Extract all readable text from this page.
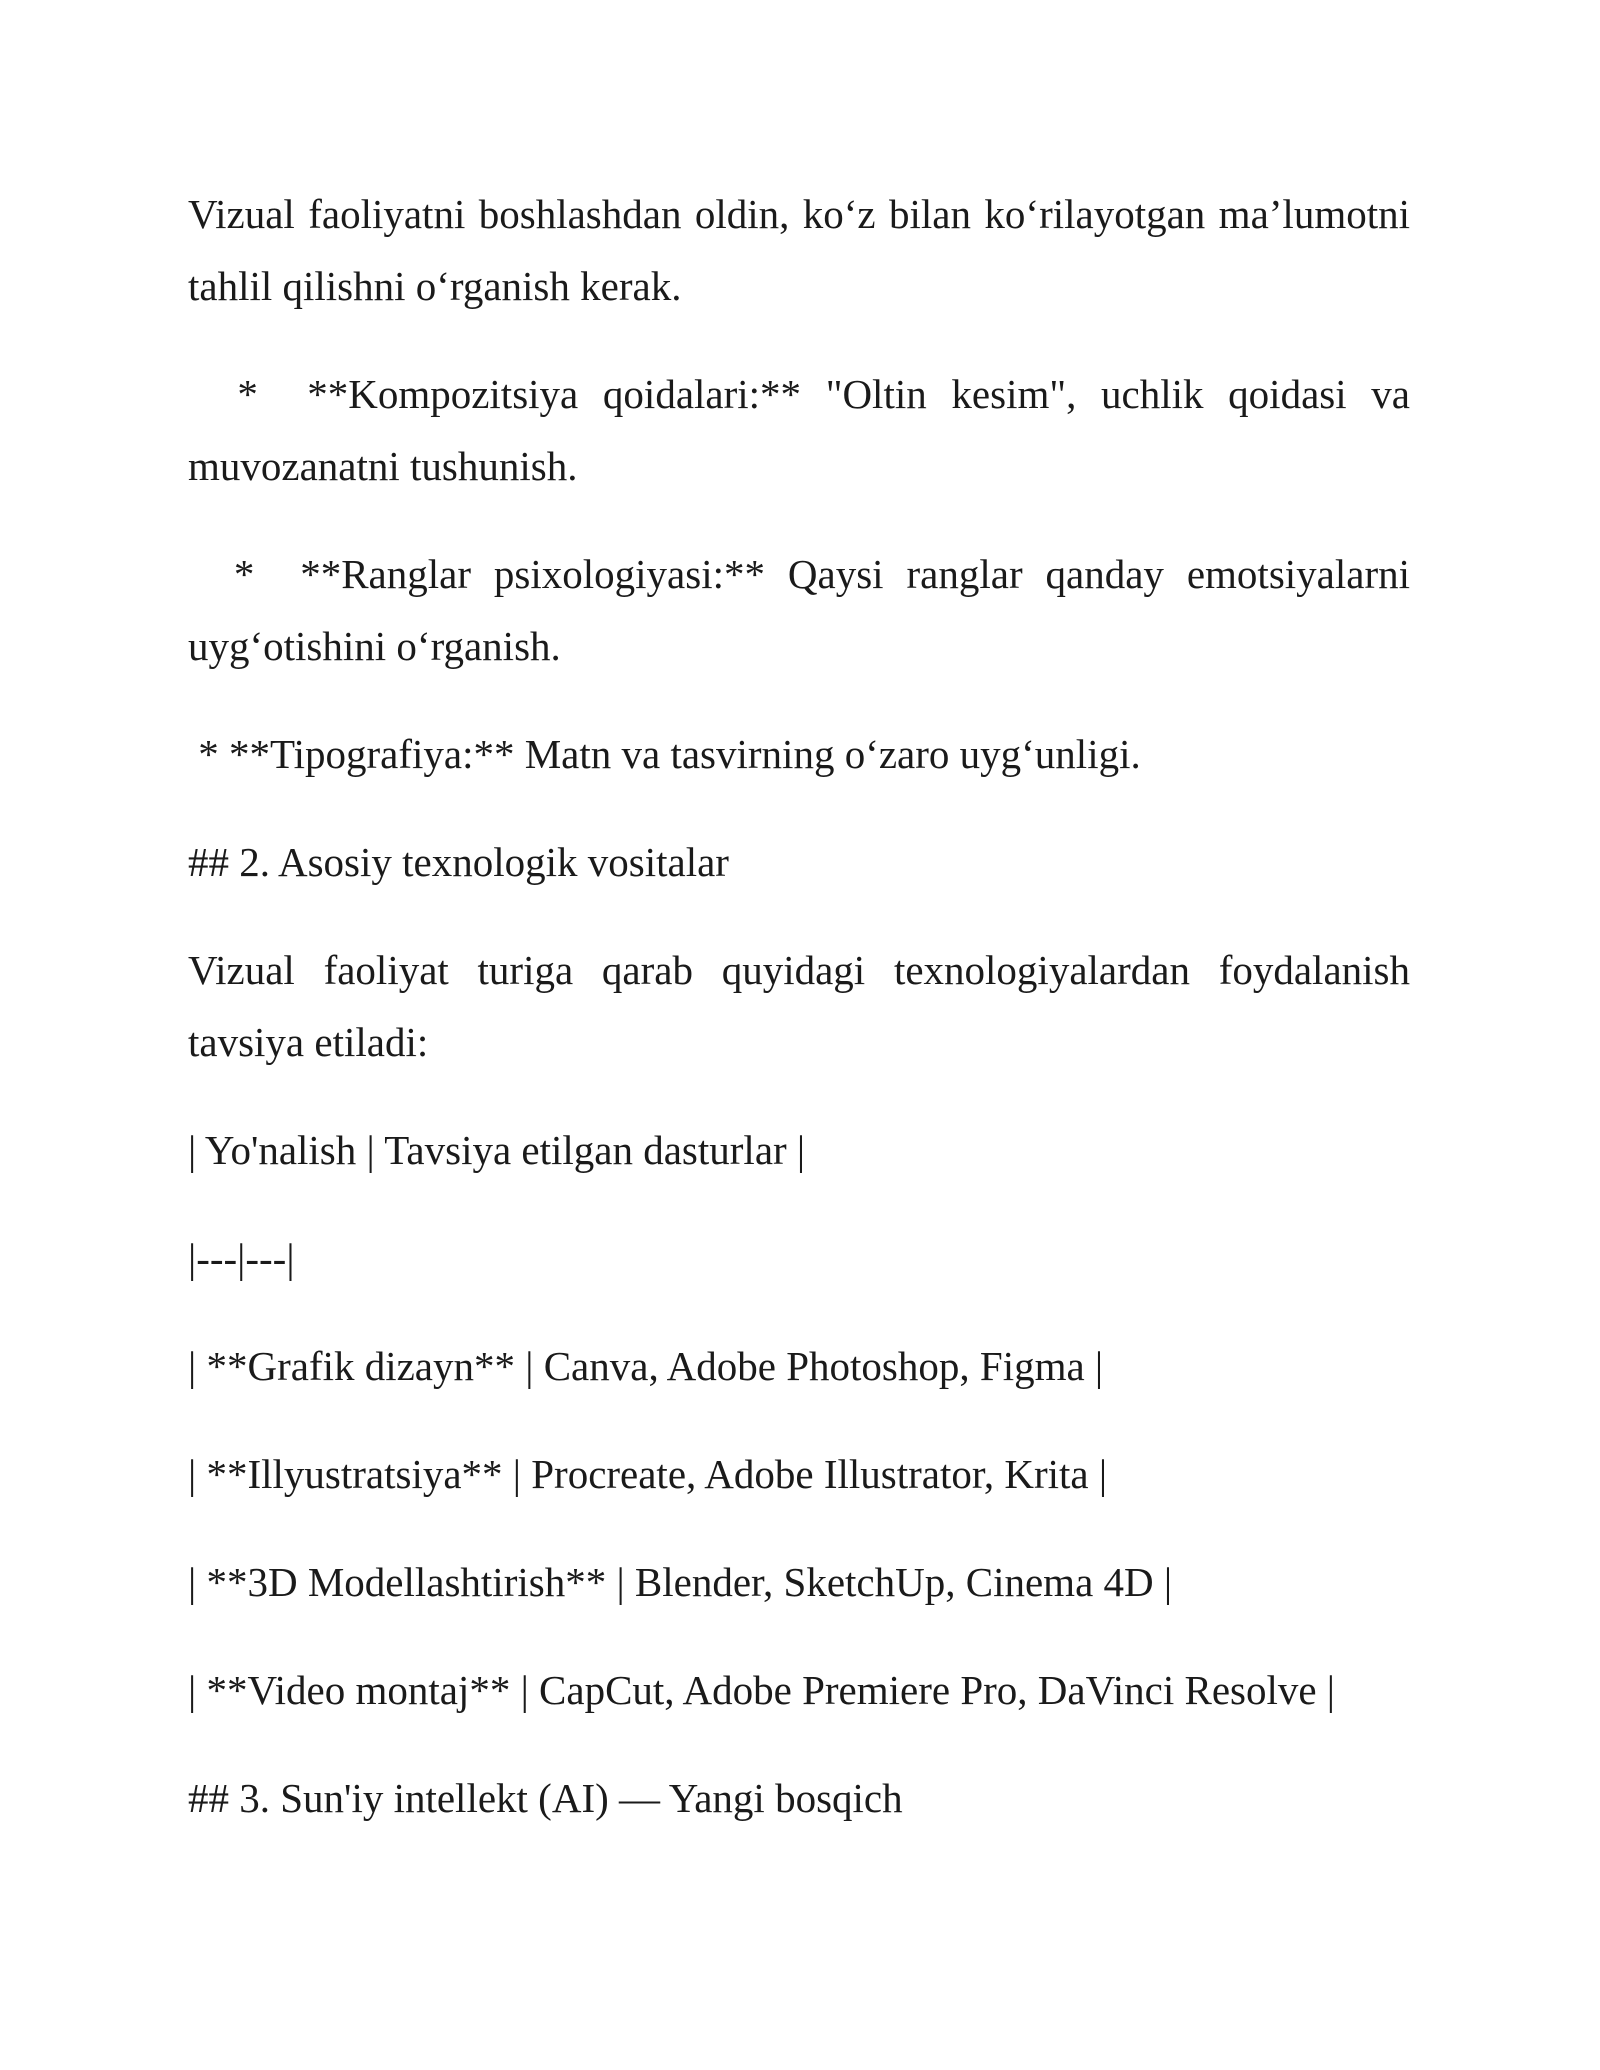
Vizual faoliyatni boshlashdan oldin, ko‘z bilan ko‘rilayotgan ma’lumotni tahlil qilishni o‘rganish kerak.

*  **Kompozitsiya qoidalari:** "Oltin kesim", uchlik qoidasi va muvozanatni tushunish.

*  **Ranglar psixologiyasi:** Qaysi ranglar qanday emotsiyalarni uyg‘otishini o‘rganish.

* **Tipografiya:** Matn va tasvirning o‘zaro uyg‘unligi.

## 2. Asosiy texnologik vositalar

Vizual faoliyat turiga qarab quyidagi texnologiyalardan foydalanish tavsiya etiladi:

| Yo'nalish | Tavsiya etilgan dasturlar |

|---|---|

| **Grafik dizayn** | Canva, Adobe Photoshop, Figma |

| **Illyustratsiya** | Procreate, Adobe Illustrator, Krita |

| **3D Modellashtirish** | Blender, SketchUp, Cinema 4D |

| **Video montaj** | CapCut, Adobe Premiere Pro, DaVinci Resolve |

## 3. Sun'iy intellekt (AI) — Yangi bosqich
